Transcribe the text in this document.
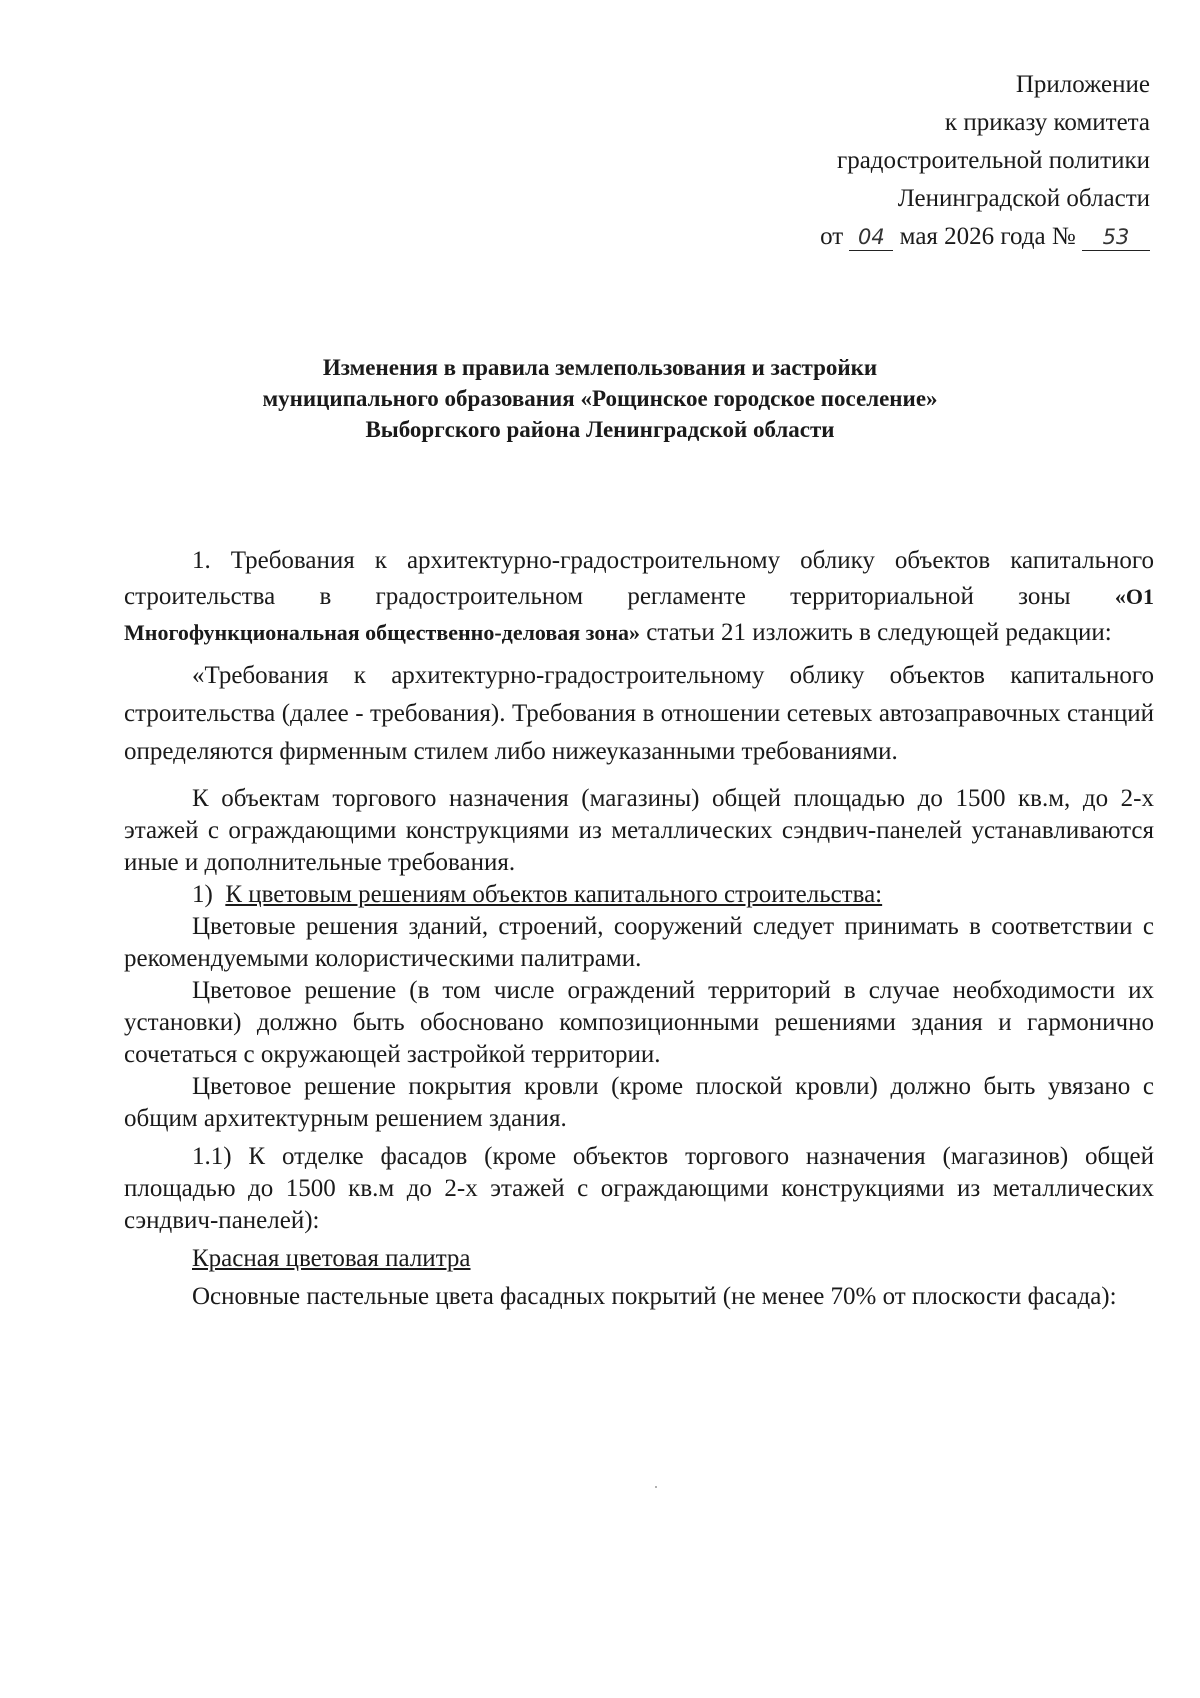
Приложение
к приказу комитета
градостроительной политики
Ленинградской области
от 04 мая 2026 года № 53
Изменения в правила землепользования и застройки
муниципального образования «Рощинское городское поселение»
Выборгского района Ленинградской области

1. Требования к архитектурно-градостроительному облику объектов капитального строительства в градостроительном регламенте территориальной зоны «О1 Многофункциональная общественно-деловая зона» статьи 21 изложить в следующей редакции:

«Требования к архитектурно-градостроительному облику объектов капитального строительства (далее - требования). Требования в отношении сетевых автозаправочных станций определяются фирменным стилем либо нижеуказанными требованиями.

К объектам торгового назначения (магазины) общей площадью до 1500 кв.м, до 2-х этажей с ограждающими конструкциями из металлических сэндвич-панелей устанавливаются иные и дополнительные требования.

1) К цветовым решениям объектов капитального строительства:

Цветовые решения зданий, строений, сооружений следует принимать в соответствии с рекомендуемыми колористическими палитрами.

Цветовое решение (в том числе ограждений территорий в случае необходимости их установки) должно быть обосновано композиционными решениями здания и гармонично сочетаться с окружающей застройкой территории.

Цветовое решение покрытия кровли (кроме плоской кровли) должно быть увязано с общим архитектурным решением здания.

1.1) К отделке фасадов (кроме объектов торгового назначения (магазинов) общей площадью до 1500 кв.м до 2-х этажей с ограждающими конструкциями из металлических сэндвич-панелей):

Красная цветовая палитра

Основные пастельные цвета фасадных покрытий (не менее 70% от плоскости фасада):
